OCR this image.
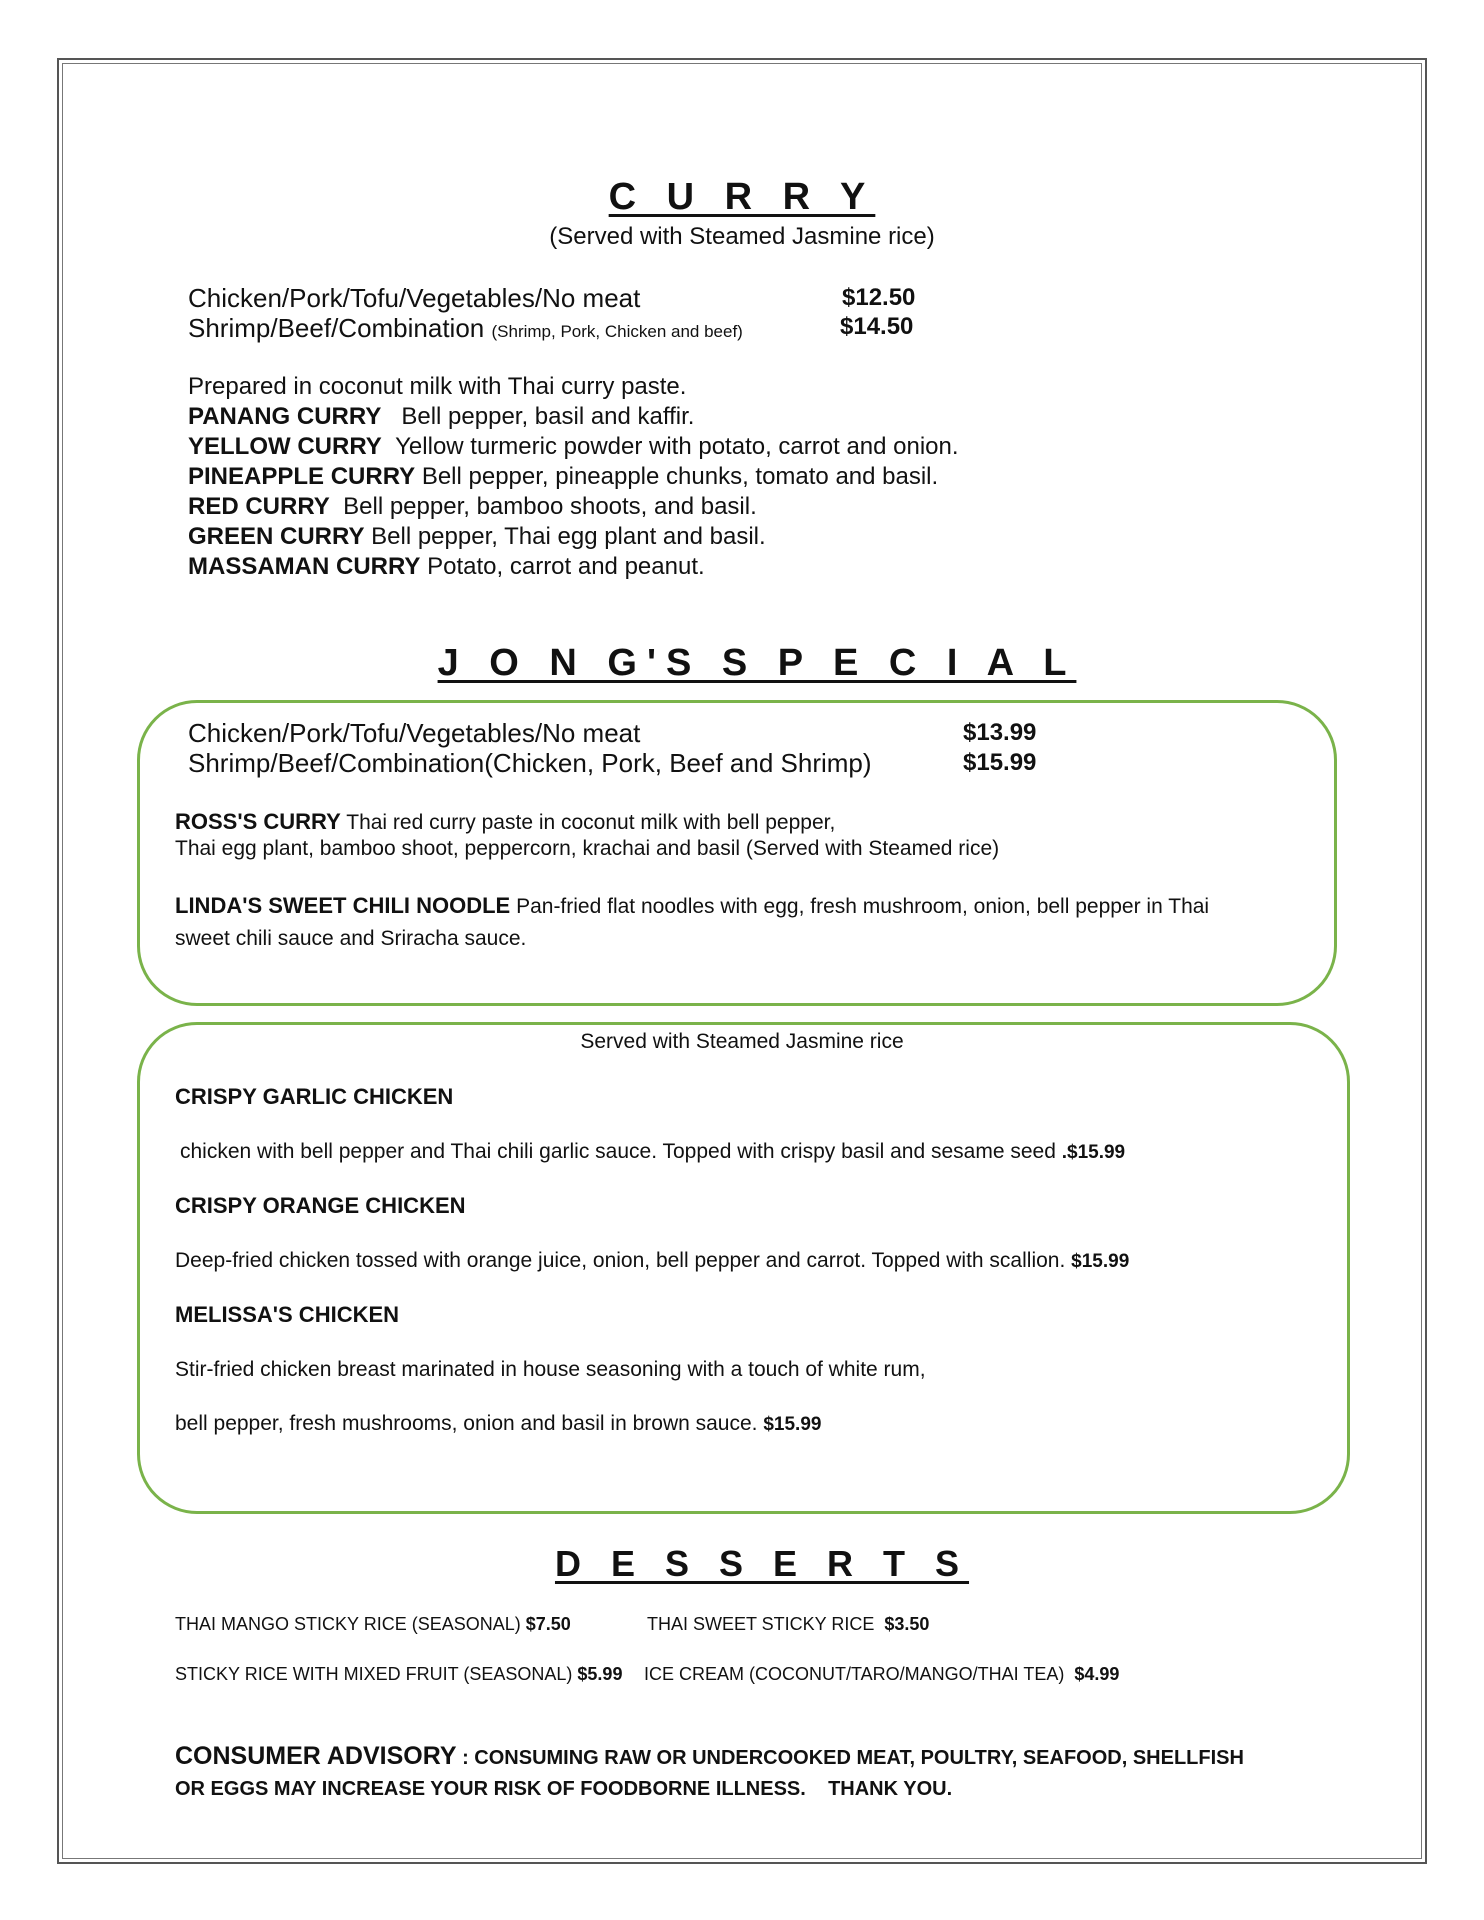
C U R R Y
(Served with Steamed Jasmine rice)
Chicken/Pork/Tofu/Vegetables/No meat	$12.50
Shrimp/Beef/Combination (Shrimp, Pork, Chicken and beef)	$14.50
Prepared in coconut milk with Thai curry paste.
PANANG CURRY Bell pepper, basil and kaffir.
YELLOW CURRY Yellow turmeric powder with potato, carrot and onion.
PINEAPPLE CURRY Bell pepper, pineapple chunks, tomato and basil.
RED CURRY Bell pepper, bamboo shoots, and basil.
GREEN CURRY Bell pepper, Thai egg plant and basil.
MASSAMAN CURRY Potato, carrot and peanut.
J O N G'S S P E C I A L
Chicken/Pork/Tofu/Vegetables/No meat	$13.99
Shrimp/Beef/Combination(Chicken, Pork, Beef and Shrimp)	$15.99
ROSS'S CURRY Thai red curry paste in coconut milk with bell pepper,
Thai egg plant, bamboo shoot, peppercorn, krachai and basil (Served with Steamed rice)
LINDA'S SWEET CHILI NOODLE Pan-fried flat noodles with egg, fresh mushroom, onion, bell pepper in Thai
sweet chili sauce and Sriracha sauce.
Served with Steamed Jasmine rice
CRISPY GARLIC CHICKEN
chicken with bell pepper and Thai chili garlic sauce. Topped with crispy basil and sesame seed .$15.99
CRISPY ORANGE CHICKEN
Deep-fried chicken tossed with orange juice, onion, bell pepper and carrot. Topped with scallion. $15.99
MELISSA'S CHICKEN
Stir-fried chicken breast marinated in house seasoning with a touch of white rum,
bell pepper, fresh mushrooms, onion and basil in brown sauce. $15.99
D E S S E R T S
THAI MANGO STICKY RICE (SEASONAL) $7.50	THAI SWEET STICKY RICE $3.50
STICKY RICE WITH MIXED FRUIT (SEASONAL) $5.99 ICE CREAM (COCONUT/TARO/MANGO/THAI TEA) $4.99
CONSUMER ADVISORY : CONSUMING RAW OR UNDERCOOKED MEAT, POULTRY, SEAFOOD, SHELLFISH
OR EGGS MAY INCREASE YOUR RISK OF FOODBORNE ILLNESS. THANK YOU.
